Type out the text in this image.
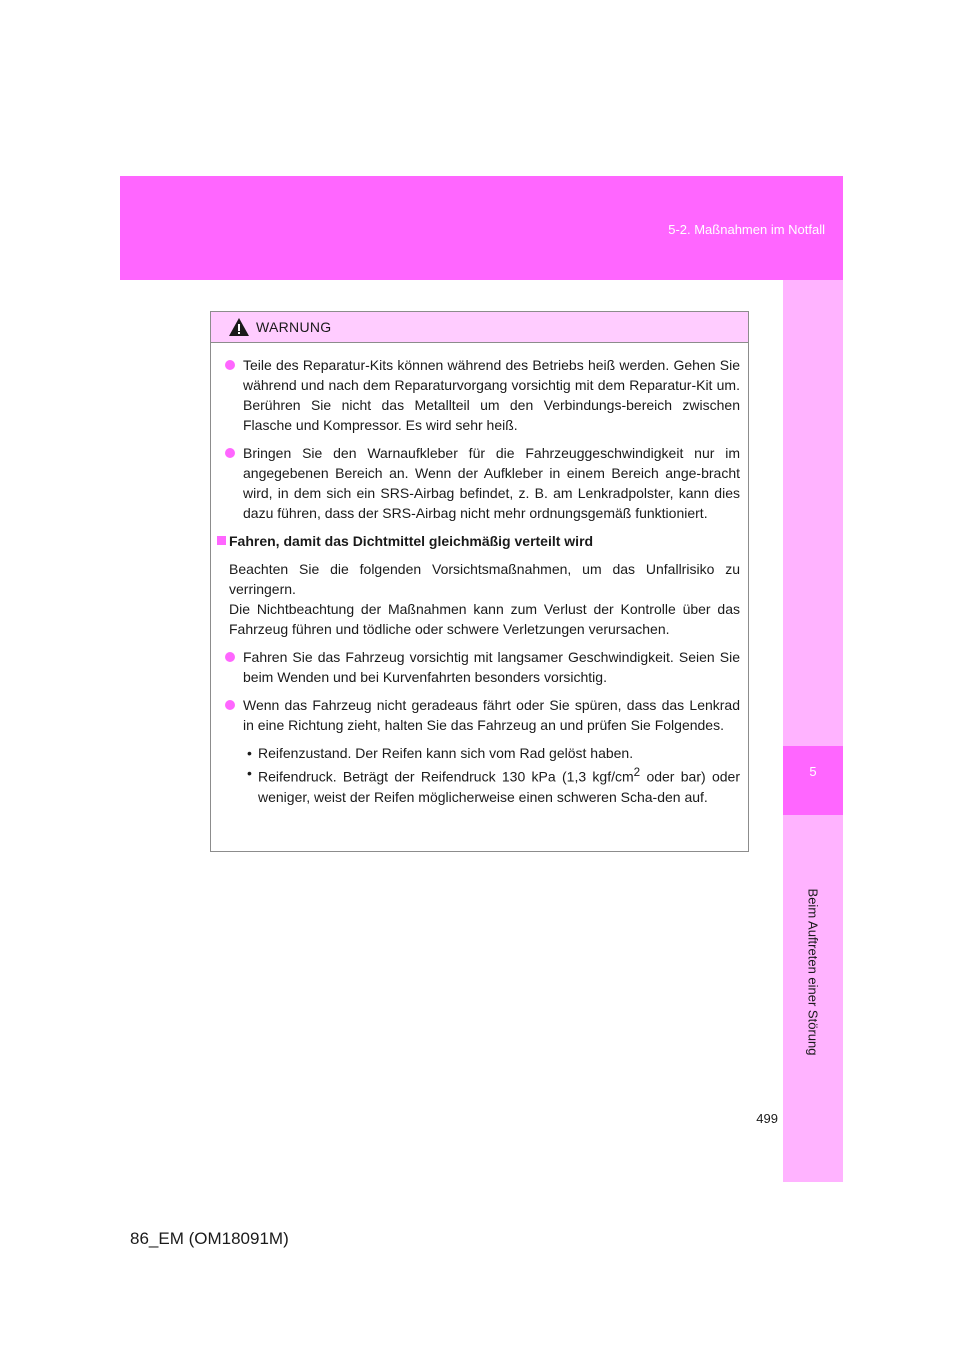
5-2. Maßnahmen im Notfall
5
Beim Auftreten einer Störung
WARNUNG
Teile des Reparatur-Kits können während des Betriebs heiß werden. Gehen Sie während und nach dem Reparaturvorgang vorsichtig mit dem Reparatur-Kit um. Berühren Sie nicht das Metallteil um den Verbindungs-bereich zwischen Flasche und Kompressor. Es wird sehr heiß.
Bringen Sie den Warnaufkleber für die Fahrzeuggeschwindigkeit nur im angegebenen Bereich an. Wenn der Aufkleber in einem Bereich ange-bracht wird, in dem sich ein SRS-Airbag befindet, z. B. am Lenkradpolster, kann dies dazu führen, dass der SRS-Airbag nicht mehr ordnungsgemäß funktioniert.
Fahren, damit das Dichtmittel gleichmäßig verteilt wird
Beachten Sie die folgenden Vorsichtsmaßnahmen, um das Unfallrisiko zu verringern.
Die Nichtbeachtung der Maßnahmen kann zum Verlust der Kontrolle über das Fahrzeug führen und tödliche oder schwere Verletzungen verursachen.
Fahren Sie das Fahrzeug vorsichtig mit langsamer Geschwindigkeit. Seien Sie beim Wenden und bei Kurvenfahrten besonders vorsichtig.
Wenn das Fahrzeug nicht geradeaus fährt oder Sie spüren, dass das Lenkrad in eine Richtung zieht, halten Sie das Fahrzeug an und prüfen Sie Folgendes.
• Reifenzustand. Der Reifen kann sich vom Rad gelöst haben.
• Reifendruck. Beträgt der Reifendruck 130 kPa (1,3 kgf/$cm^2$ oder bar) oder weniger, weist der Reifen möglicherweise einen schweren Scha-den auf.
499
86_EM (OM18091M)
